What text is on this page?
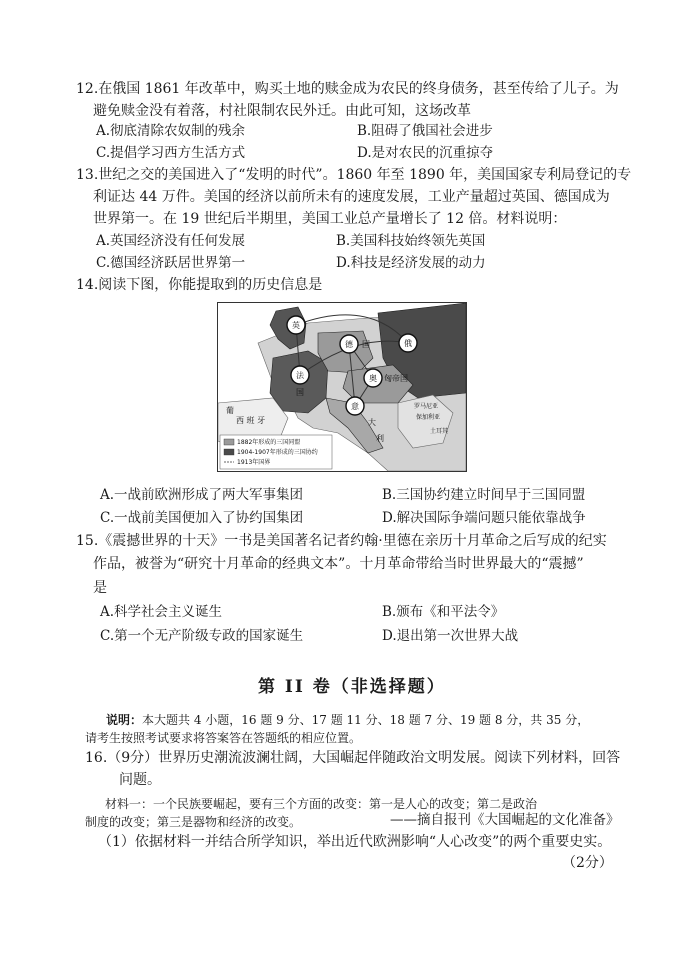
12.在俄国 1861 年改革中，购买土地的赎金成为农民的终身债务，甚至传给了儿子。为
避免赎金没有着落，村社限制农民外迁。由此可知，这场改革
A.彻底清除农奴制的残余	B.阻碍了俄国社会进步
C.提倡学习西方生活方式	D.是对农民的沉重掠夺
13.世纪之交的美国进入了“发明的时代”。1860 年至 1890 年，美国国家专利局登记的专
利证达 44 万件。美国的经济以前所未有的速度发展，工业产量超过英国、德国成为
世界第一。在 19 世纪后半期里，美国工业总产量增长了 12 倍。材料说明：
A.英国经济没有任何发展	B.美国科技始终领先英国
C.德国经济跃居世界第一	D.科技是经济发展的动力
14.阅读下图，你能提取到的历史信息是
英
法
国
俄
德 国
奥 匈帝国
意
大
利
葡
西 班 牙
罗马尼亚
保加利亚
土耳其
1882年形成的三国同盟
1904-1907年形成的三国协约
1913年国界
A.一战前欧洲形成了两大军事集团	B.三国协约建立时间早于三国同盟
C.一战前美国便加入了协约国集团	D.解决国际争端问题只能依靠战争
15.《震撼世界的十天》一书是美国著名记者约翰·里德在亲历十月革命之后写成的纪实
作品，被誉为“研究十月革命的经典文本”。十月革命带给当时世界最大的“震撼”
是
A.科学社会主义诞生	B.颁布《和平法令》
C.第一个无产阶级专政的国家诞生	D.退出第一次世界大战
第 II 卷（非选择题）
说明：本大题共 4 小题，16 题 9 分、17 题 11 分、18 题 7 分、19 题 8 分，共 35 分，
请考生按照考试要求将答案答在答题纸的相应位置。
16.（9分）世界历史潮流波澜壮阔，大国崛起伴随政治文明发展。阅读下列材料，回答
问题。
材料一：一个民族要崛起，要有三个方面的改变：第一是人心的改变；第二是政治
制度的改变；第三是器物和经济的改变。	——摘自报刊《大国崛起的文化准备》
（1）依据材料一并结合所学知识，举出近代欧洲影响“人心改变”的两个重要史实。
（2分）
